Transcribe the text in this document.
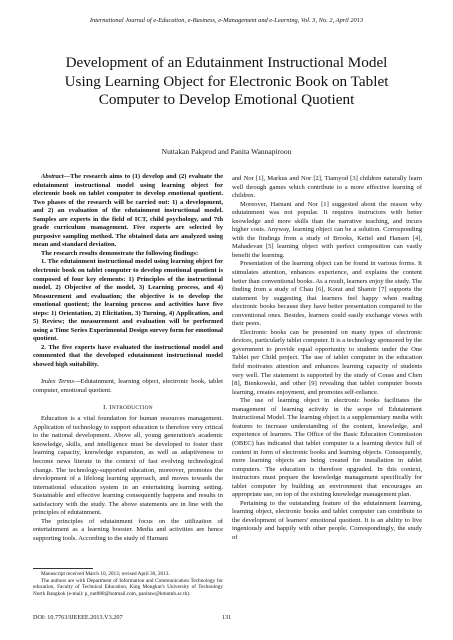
International Journal of e-Education, e-Business, e-Management and e-Learning, Vol. 3, No. 2, April 2013
Development of an Edutainment Instructional Model
Using Learning Object for Electronic Book on Tablet
Computer to Develop Emotional Quotient
Nuttakan Pakprod and Panita Wannapiroon

Abstract—The research aims to (1) develop and (2) evaluate the edutainment instructional model using learning object for electronic book on tablet computer to develop emotional quotient. Two phases of the research will be carried out: 1) a development, and 2) an evaluation of the edutainment instructional model. Samples are experts in the field of ICT, child psychology, and 7th grade curriculum management. Five experts are selected by purposive sampling method. The obtained data are analyzed using mean and standard deviation.

The research results demonstrate the following findings:

1. The edutainment instructional model using learning object for electronic book on tablet computer to develop emotional quotient is composed of four key elements: 1) Principles of the instructional model, 2) Objective of the model, 3) Learning process, and 4) Measurement and evaluation; the objective is to develop the emotional quotient; the learning process and activities have five steps: 1) Orientation, 2) Elicitation, 3) Turning, 4) Application, and 5) Review; the measurement and evaluation will be performed using a Time Series Experimental Design survey form for emotional quotient.

2. The five experts have evaluated the instructional model and commented that the developed edutainment instructional model showed high suitability.

Index Terms—Edutainment, learning object, electronic book, tablet computer, emotional quotient.

I. INTRODUCTION

Education is a vital foundation for human resources management. Application of technology to support education is therefore very critical to the national development. Above all, young generation's academic knowledge, skills, and intelligence must be developed to foster their learning capacity, knowledge expansion, as well as adaptiveness to become news literate in the context of fast evolving technological change. The technology-supported education, moreover, promotes the development of a lifelong learning approach, and moves towards the international education system in an entertaining learning setting. Sustainable and effective learning consequently happens and results in satisfactory with the study. The above statements are in line with the principles of edutainment.

The principles of edutainment focus on the utilization of entertainment as a learning booster. Media and activities are hence supporting tools. According to the study of Harnani

Manuscript received March 10, 2013; revised April 30, 2013.

The authors are with Department of Information and Communication Technology for education, Faculty of Technical Education, King Mongkut's University of Technology North Bangkok (e-mail: p_nut888@hotmail.com, panitaw@kmutnb.ac.th).

and Nor [1], Markus and Nor [2], Tiamyod [3] children naturally learn well through games which contribute to a more effective learning of children.

Moreover, Harnani and Nor [1] suggested about the reason why edutainment was not popular. It requires instructors with better knowledge and more skills than the narrative teaching, and incurs higher costs. Anyway, learning object can be a solution. Corresponding with the findings from a study of Brooks, Kettel and Hansen [4], Mahadevan [5] learning object with perfect composition can vastly benefit the learning.

Presentation of the learning object can be found in various forms. It stimulates attention, enhances experience, and explains the content better than conventional books. As a result, learners enjoy the study. The finding from a study of Chau [6], Korat and Shamir [7] supports the statement by suggesting that learners feel happy when reading electronic books because they have better presentation compared to the conventional ones. Besides, learners could easily exchange views with their peers.

Electronic books can be presented on many types of electronic devices, particularly tablet computer. It is a technology sponsored by the government to provide equal opportunity to students under the One Tablet per Child project. The use of tablet computer in the education field motivates attention and enhances learning capacity of students very well. The statement is supported by the study of Couse and Chen [8], Bienkowski, and other [9] revealing that tablet computer boosts learning, creates enjoyment, and promotes self-reliance.

The use of learning object in electronic books facilitates the management of learning activity in the scope of Edutainment Instructional Model. The learning object is a supplementary media with features to increase understanding of the content, knowledge, and experience of learners. The Office of the Basic Education Commission (OBEC) has indicated that tablet computer is a learning device full of content in form of electronic books and learning objects. Consequently, more learning objects are being created for installation in tablet computers. The education is therefore upgraded. In this context, instructors must prepare the knowledge management specifically for tablet computer by building an environment that encourages an appropriate use, on top of the existing knowledge management plan.

Pertaining to the outstanding feature of the edutainment learning, learning object, electronic books and tablet computer can contribute to the development of learners' emotional quotient. It is an ability to live ingeniously and happily with other people. Correspondingly, the study of

DOI: 10.7763/IJEEEE.2013.V3.207	131
